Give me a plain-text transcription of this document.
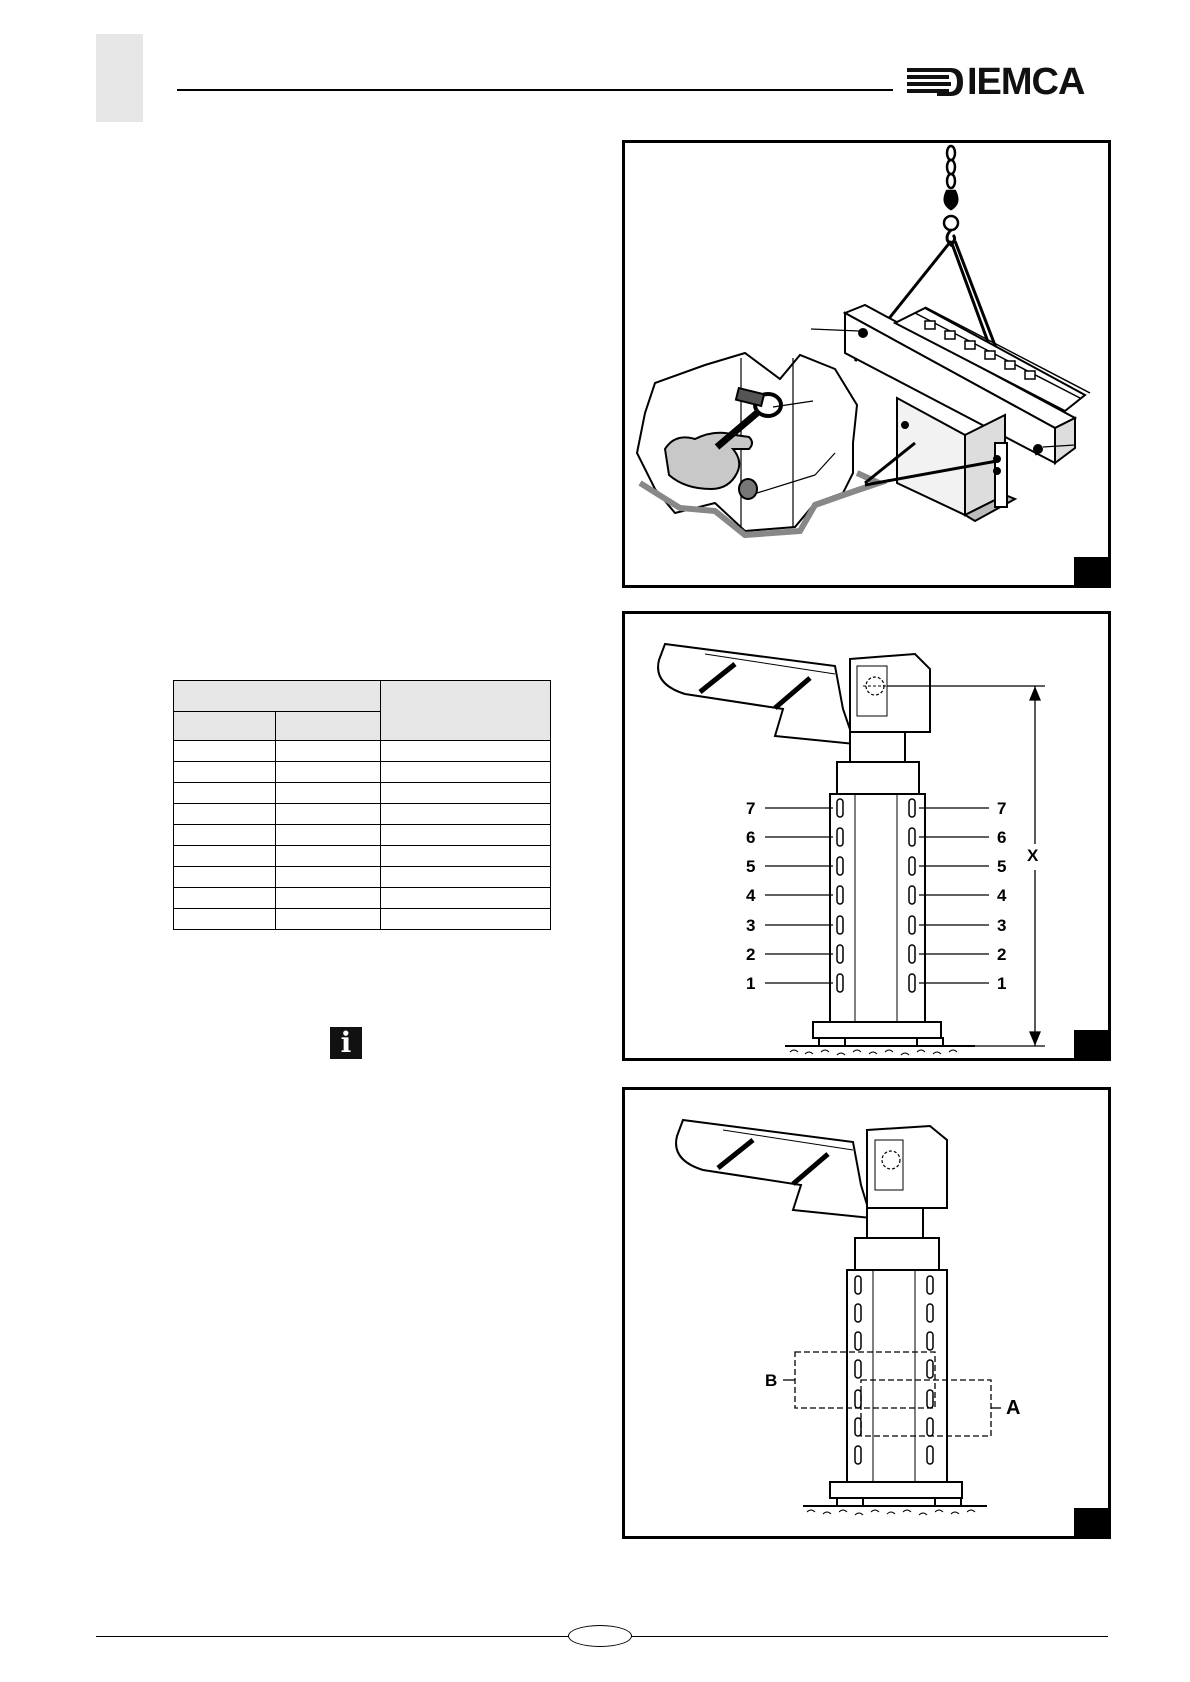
IEMCA

i
7
6
5
4
3
2
1
7
6
5
4
3
2
1
X
B
A
